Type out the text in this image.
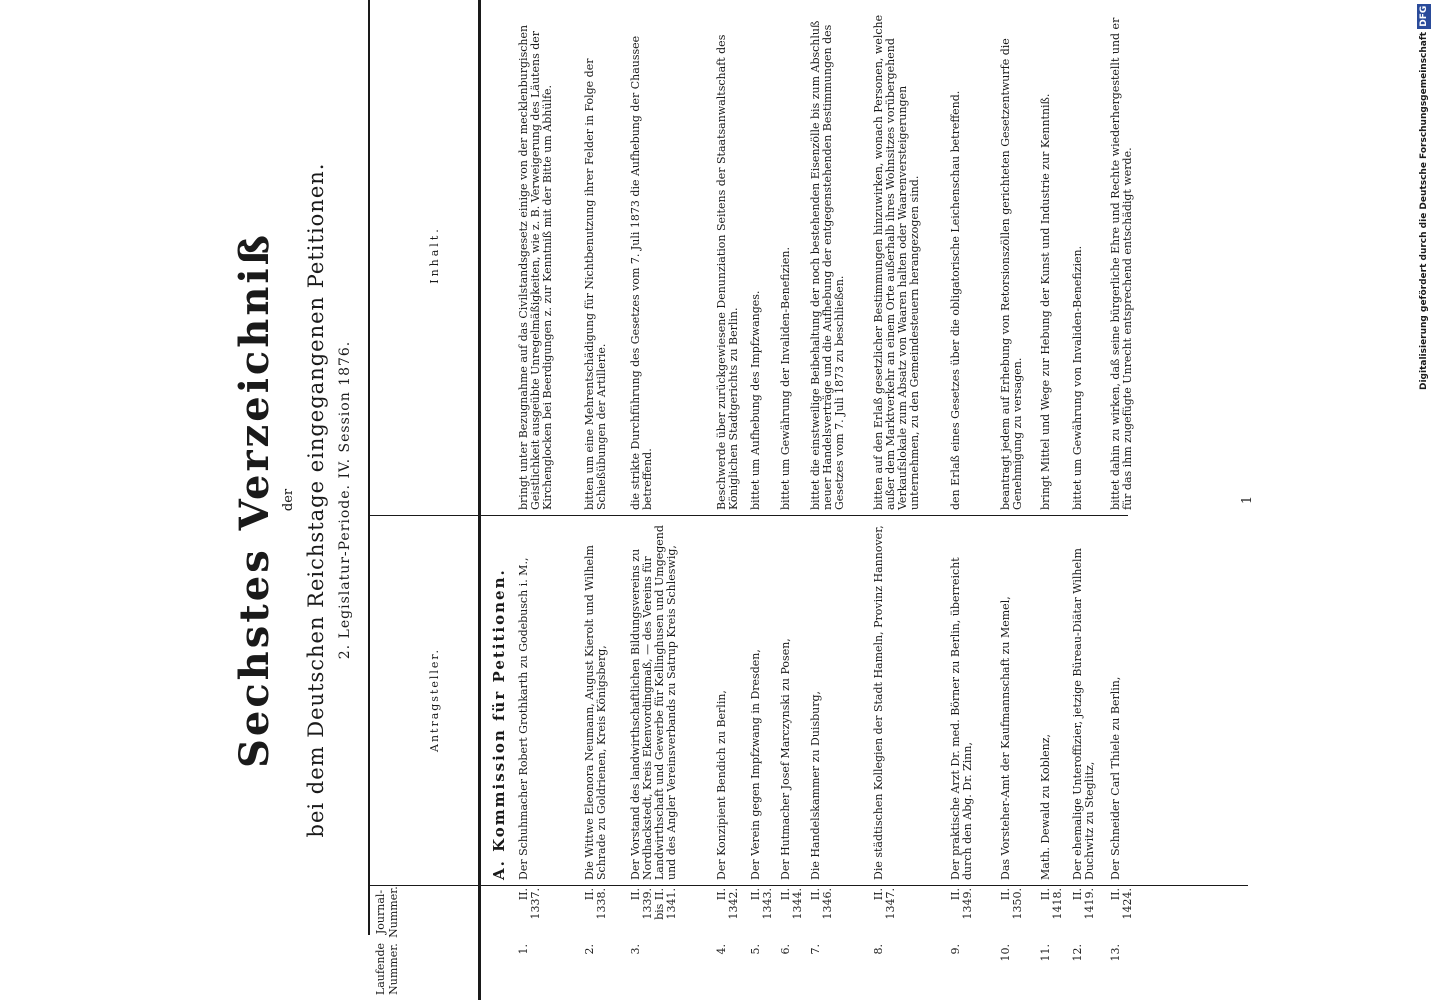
Sechstes Verzeichniß der bei dem Deutschen Reichstage eingegangenen Petitionen. 2. Legislatur-Periode. IV. Session 1876.
Laufende Nummer.
Journal-Nummer.
Antragsteller.
Inhalt.
A. Kommission für Petitionen.
1.
II. 1337.
Der Schuhmacher Robert Grothkarth zu Godebusch i. M.,
bringt unter Bezugnahme auf das Civilstandsgesetz einige von der mecklenburgischen Geistlichkeit ausgeübte Unregelmäßigkeiten, wie z. B. Verweigerung des Läutens der Kirchenglocken bei Beerdigungen z. zur Kenntniß mit der Bitte um Abhülfe.
2.
II. 1338.
Die Wittwe Eleonora Neumann, August Kierolt und Wilhelm Schrade zu Goldrienen, Kreis Königsberg,
bitten um eine Mehrentschädigung für Nichtbenutzung ihrer Felder in Folge der Schießübungen der Artillerie.
3.
II. 1339. bis II. 1341.
Der Vorstand des landwirthschaftlichen Bildungsvereins zu Nordhackstedt, Kreis Ekenvordingmaß, — des Vereins für Landwirthschaft und Gewerbe für Kellinghusen und Umgegend und des Angler Vereinsverbands zu Satrup Kreis Schleswig,
die strikte Durchführung des Gesetzes vom 7. Juli 1873 die Aufhebung der Chaussee betreffend.
4.
II. 1342.
Der Konzipient Bendich zu Berlin,
Beschwerde über zurückgewiesene Denunziation Seitens der Staatsanwaltschaft des Königlichen Stadtgerichts zu Berlin.
5.
II. 1343.
Der Verein gegen Impfzwang in Dresden,
bittet um Aufhebung des Impfzwanges.
6.
II. 1344.
Der Hutmacher Josef Marczynski zu Posen,
bittet um Gewährung der Invaliden-Benefizien.
7.
II. 1346.
Die Handelskammer zu Duisburg,
bittet die einstweilige Beibehaltung der noch bestehenden Eisenzölle bis zum Abschluß neuer Handelsverträge und die Aufhebung der entgegenstehenden Bestimmungen des Gesetzes vom 7. Juli 1873 zu beschließen.
8.
II. 1347.
Die städtischen Kollegien der Stadt Hameln, Provinz Hannover,
bitten auf den Erlaß gesetzlicher Bestimmungen hinzuwirken, wonach Personen, welche außer dem Marktverkehr an einem Orte außerhalb ihres Wohnsitzes vorübergehend Verkaufslokale zum Absatz von Waaren halten oder Waarenversteigerungen unternehmen, zu den Gemeindesteuern herangezogen sind.
9.
II. 1349.
Der praktische Arzt Dr. med. Börner zu Berlin, überreicht durch den Abg. Dr. Zinn,
den Erlaß eines Gesetzes über die obligatorische Leichenschau betreffend.
10.
II. 1350.
Das Vorsteher-Amt der Kaufmannschaft zu Memel,
beantragt jedem auf Erhebung von Retorsionszöllen gerichteten Gesetzentwurfe die Genehmigung zu versagen.
11.
II. 1418.
Math. Dewald zu Koblenz,
bringt Mittel und Wege zur Hebung der Kunst und Industrie zur Kenntniß.
12.
II. 1419.
Der ehemalige Unteroffizier, jetzige Büreau-Diätar Wilhelm Duchwitz zu Steglitz,
bittet um Gewährung von Invaliden-Benefizien.
13.
II. 1424.
Der Schneider Carl Thiele zu Berlin,
bittet dahin zu wirken, daß seine bürgerliche Ehre und Rechte wiederhergestellt und er für das ihm zugefügte Unrecht entsprechend entschädigt werde.	1
Digitalisierung gefördert durch die Deutsche Forschungsgemeinschaft DFG
